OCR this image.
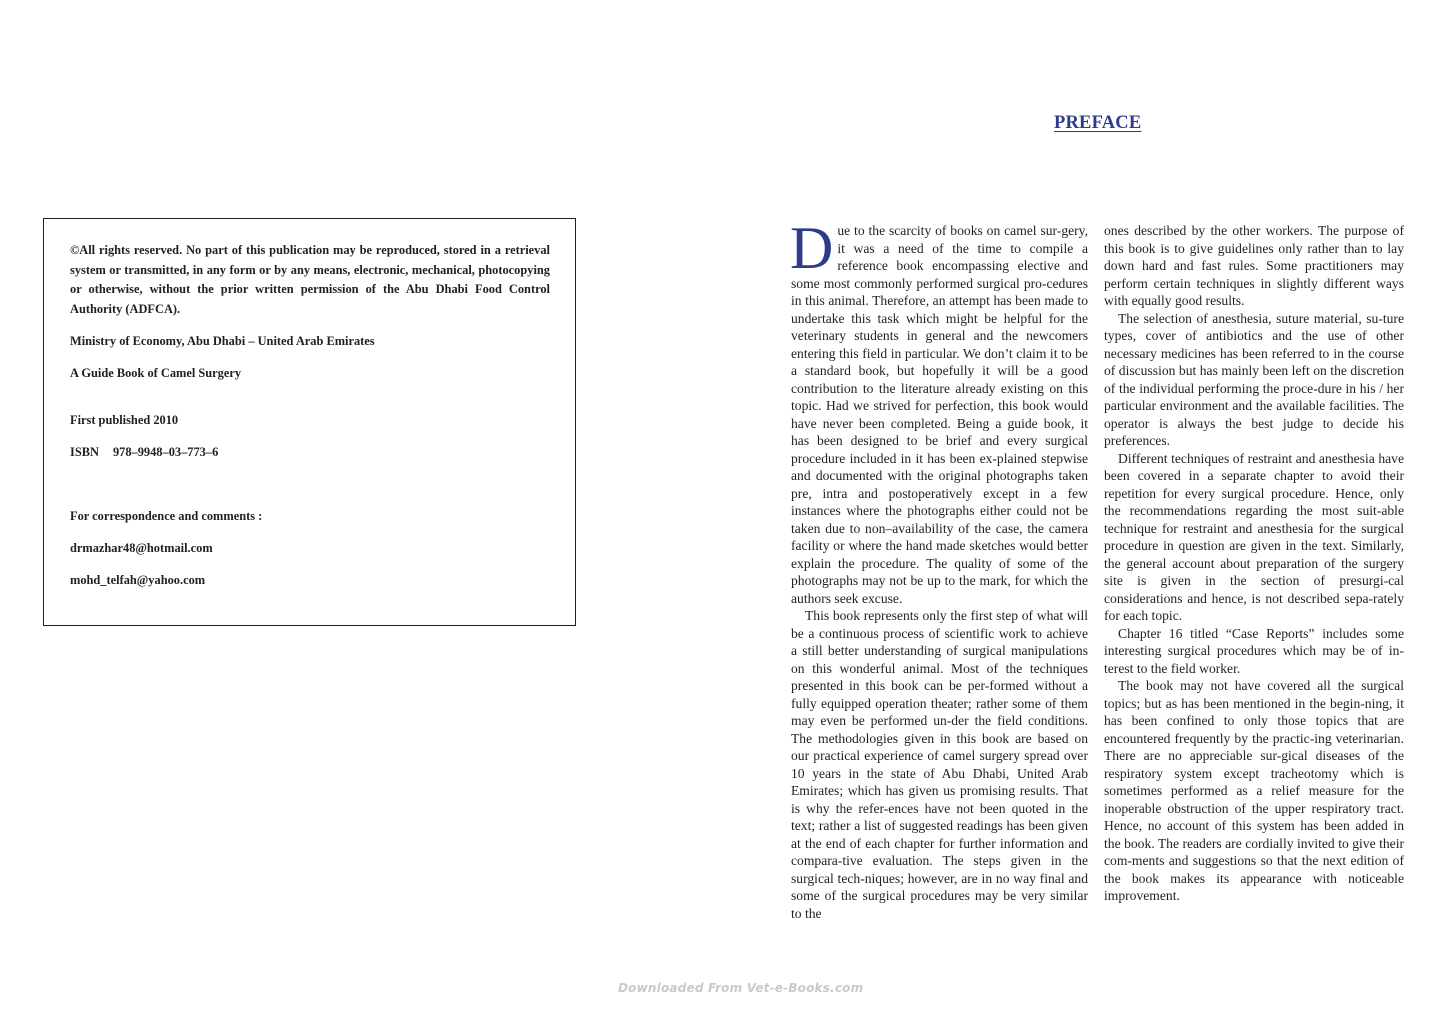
©All rights reserved. No part of this publication may be reproduced, stored in a retrieval system or transmitted, in any form or by any means, electronic, mechanical, photocopying or otherwise, without the prior written permission of the Abu Dhabi Food Control Authority (ADFCA).

Ministry of Economy, Abu Dhabi – United Arab Emirates

A Guide Book of Camel Surgery

First published 2010

ISBN 978–9948–03–773–6

For correspondence and comments :

drmazhar48@hotmail.com

mohd_telfah@yahoo.com

PREFACE

Due to the scarcity of books on camel sur-gery, it was a need of the time to compile a reference book encompassing elective and some most commonly performed surgical pro-cedures in this animal. Therefore, an attempt has been made to undertake this task which might be helpful for the veterinary students in general and the newcomers entering this field in particular. We don’t claim it to be a standard book, but hopefully it will be a good contribution to the literature already existing on this topic. Had we strived for perfection, this book would have never been completed. Being a guide book, it has been designed to be brief and every surgical procedure included in it has been ex-plained stepwise and documented with the original photographs taken pre, intra and postoperatively except in a few instances where the photographs either could not be taken due to non–availability of the case, the camera facility or where the hand made sketches would better explain the procedure. The quality of some of the photographs may not be up to the mark, for which the authors seek excuse.

This book represents only the first step of what will be a continuous process of scientific work to achieve a still better understanding of surgical manipulations on this wonderful animal. Most of the techniques presented in this book can be per-formed without a fully equipped operation theater; rather some of them may even be performed un-der the field conditions. The methodologies given in this book are based on our practical experience of camel surgery spread over 10 years in the state of Abu Dhabi, United Arab Emirates; which has given us promising results. That is why the refer-ences have not been quoted in the text; rather a list of suggested readings has been given at the end of each chapter for further information and compara-tive evaluation. The steps given in the surgical tech-niques; however, are in no way final and some of the surgical procedures may be very similar to the

ones described by the other workers. The purpose of this book is to give guidelines only rather than to lay down hard and fast rules. Some practitioners may perform certain techniques in slightly different ways with equally good results.

The selection of anesthesia, suture material, su-ture types, cover of antibiotics and the use of other necessary medicines has been referred to in the course of discussion but has mainly been left on the discretion of the individual performing the proce-dure in his / her particular environment and the available facilities. The operator is always the best judge to decide his preferences.

Different techniques of restraint and anesthesia have been covered in a separate chapter to avoid their repetition for every surgical procedure. Hence, only the recommendations regarding the most suit-able technique for restraint and anesthesia for the surgical procedure in question are given in the text. Similarly, the general account about preparation of the surgery site is given in the section of presurgi-cal considerations and hence, is not described sepa-rately for each topic.

Chapter 16 titled “Case Reports” includes some interesting surgical procedures which may be of in-terest to the field worker.

The book may not have covered all the surgical topics; but as has been mentioned in the begin-ning, it has been confined to only those topics that are encountered frequently by the practic-ing veterinarian. There are no appreciable sur-gical diseases of the respiratory system except tracheotomy which is sometimes performed as a relief measure for the inoperable obstruction of the upper respiratory tract. Hence, no account of this system has been added in the book. The readers are cordially invited to give their com-ments and suggestions so that the next edition of the book makes its appearance with noticeable improvement.

Downloaded From Vet-e-Books.com
